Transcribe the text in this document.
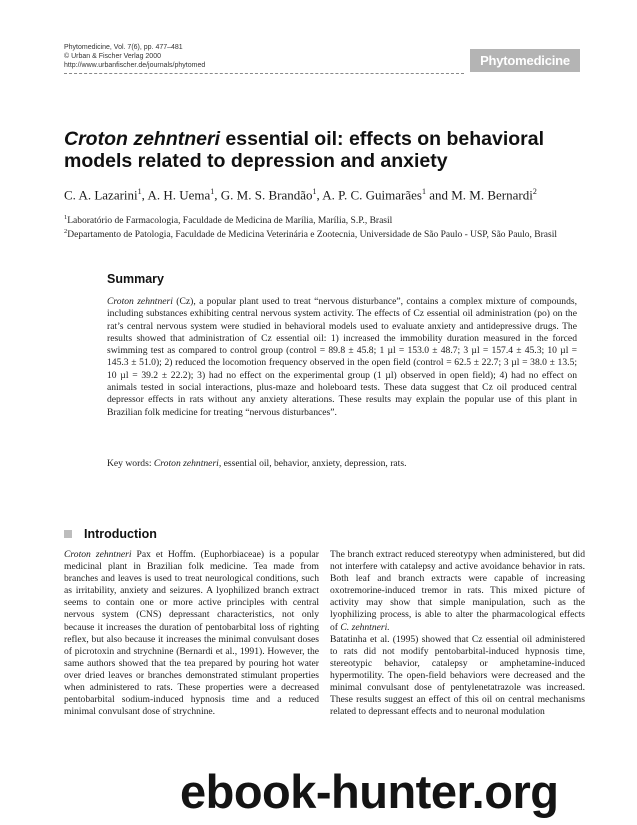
Phytomedicine, Vol. 7(6), pp. 477–481
© Urban & Fischer Verlag 2000
http://www.urbanfischer.de/journals/phytomed	Phytomedicine
Croton zehntneri essential oil: effects on behavioral
models related to depression and anxiety
C. A. Lazarini$^1$, A. H. Uema$^1$, G. M. S. Brandão$^1$, A. P. C. Guimarães$^1$ and M. M. Bernardi$^2$
$^1$Laboratório de Farmacologia, Faculdade de Medicina de Marília, Marília, S.P., Brasil
$^2$Departamento de Patologia, Faculdade de Medicina Veterinária e Zootecnia, Universidade de São Paulo - USP, São Paulo, Brasil
Summary
Croton zehntneri (Cz), a popular plant used to treat “nervous disturbance”, contains a complex mixture of compounds, including substances exhibiting central nervous system activity. The effects of Cz essential oil administration (po) on the rat’s central nervous system were studied in behavioral models used to evaluate anxiety and antidepressive drugs. The results showed that administration of Cz essential oil: 1) increased the immobility duration measured in the forced swimming test as compared to control group (control = 89.8 ± 45.8; 1 µl = 153.0 ± 48.7; 3 µl = 157.4 ± 45.3; 10 µl = 145.3 ± 51.0); 2) reduced the locomotion frequency observed in the open field (control = 62.5 ± 22.7; 3 µl = 38.0 ± 13.5; 10 µl = 39.2 ± 22.2); 3) had no effect on the experimental group (1 µl) observed in open field); 4) had no effect on animals tested in social interactions, plus-maze and holeboard tests. These data suggest that Cz oil produced central depressor effects in rats without any anxiety alterations. These results may explain the popular use of this plant in Brazilian folk medicine for treating “nervous disturbances”.
Key words: Croton zehntneri, essential oil, behavior, anxiety, depression, rats.
Introduction

Croton zehntneri Pax et Hoffm. (Euphorbiaceae) is a popular medicinal plant in Brazilian folk medicine. Tea made from branches and leaves is used to treat neurological conditions, such as irritability, anxiety and seizures. A lyophilized branch extract seems to contain one or more active principles with central nervous system (CNS) depressant characteristics, not only because it increases the duration of pentobarbital loss of righting reflex, but also because it increases the minimal convulsant doses of picrotoxin and strychnine (Bernardi et al., 1991). However, the same authors showed that the tea prepared by pouring hot water over dried leaves or branches demonstrated stimulant properties when administered to rats. These properties were a decreased pentobarbital sodium-induced hypnosis time and a reduced minimal convulsant dose of strychnine.

The branch extract reduced stereotypy when administered, but did not interfere with catalepsy and active avoidance behavior in rats. Both leaf and branch extracts were capable of increasing oxotremorine-induced tremor in rats. This mixed picture of activity may show that simple manipulation, such as the lyophilizing process, is able to alter the pharmacological effects of C. zehntneri.

Batatinha et al. (1995) showed that Cz essential oil administered to rats did not modify pentobarbital-induced hypnosis time, stereotypic behavior, catalepsy or amphetamine-induced hypermotility. The open-field behaviors were decreased and the minimal convulsant dose of pentylenetatrazole was increased. These results suggest an effect of this oil on central mechanisms related to depressant effects and to neuronal modulation

ebook-hunter.org
